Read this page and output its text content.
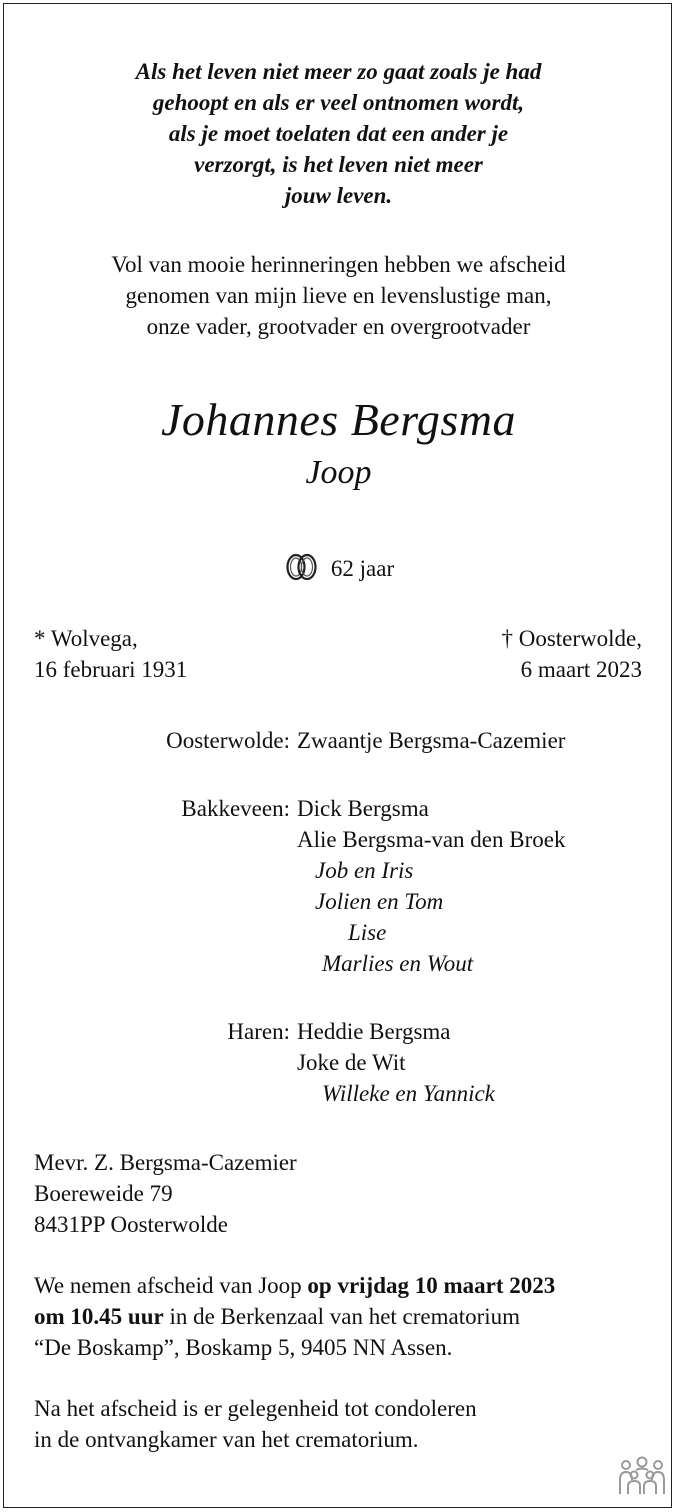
Als het leven niet meer zo gaat zoals je had
gehoopt en als er veel ontnomen wordt,
als je moet toelaten dat een ander je
verzorgt, is het leven niet meer
jouw leven.
Vol van mooie herinneringen hebben we afscheid
genomen van mijn lieve en levenslustige man,
onze vader, grootvader en overgrootvader
Johannes Bergsma
Joop
62 jaar
* Wolvega,
16 februari 1931
† Oosterwolde,
6 maart 2023
Oosterwolde: Zwaantje Bergsma-Cazemier
Bakkeveen: Dick Bergsma
Alie Bergsma-van den Broek
Job en Iris
Jolien en Tom
Lise
Marlies en Wout
Haren: Heddie Bergsma
Joke de Wit
Willeke en Yannick
Mevr. Z. Bergsma-Cazemier
Boereweide 79
8431PP Oosterwolde
We nemen afscheid van Joop op vrijdag 10 maart 2023
om 10.45 uur in de Berkenzaal van het crematorium
“De Boskamp”, Boskamp 5, 9405 NN Assen.
Na het afscheid is er gelegenheid tot condoleren
in de ontvangkamer van het crematorium.
